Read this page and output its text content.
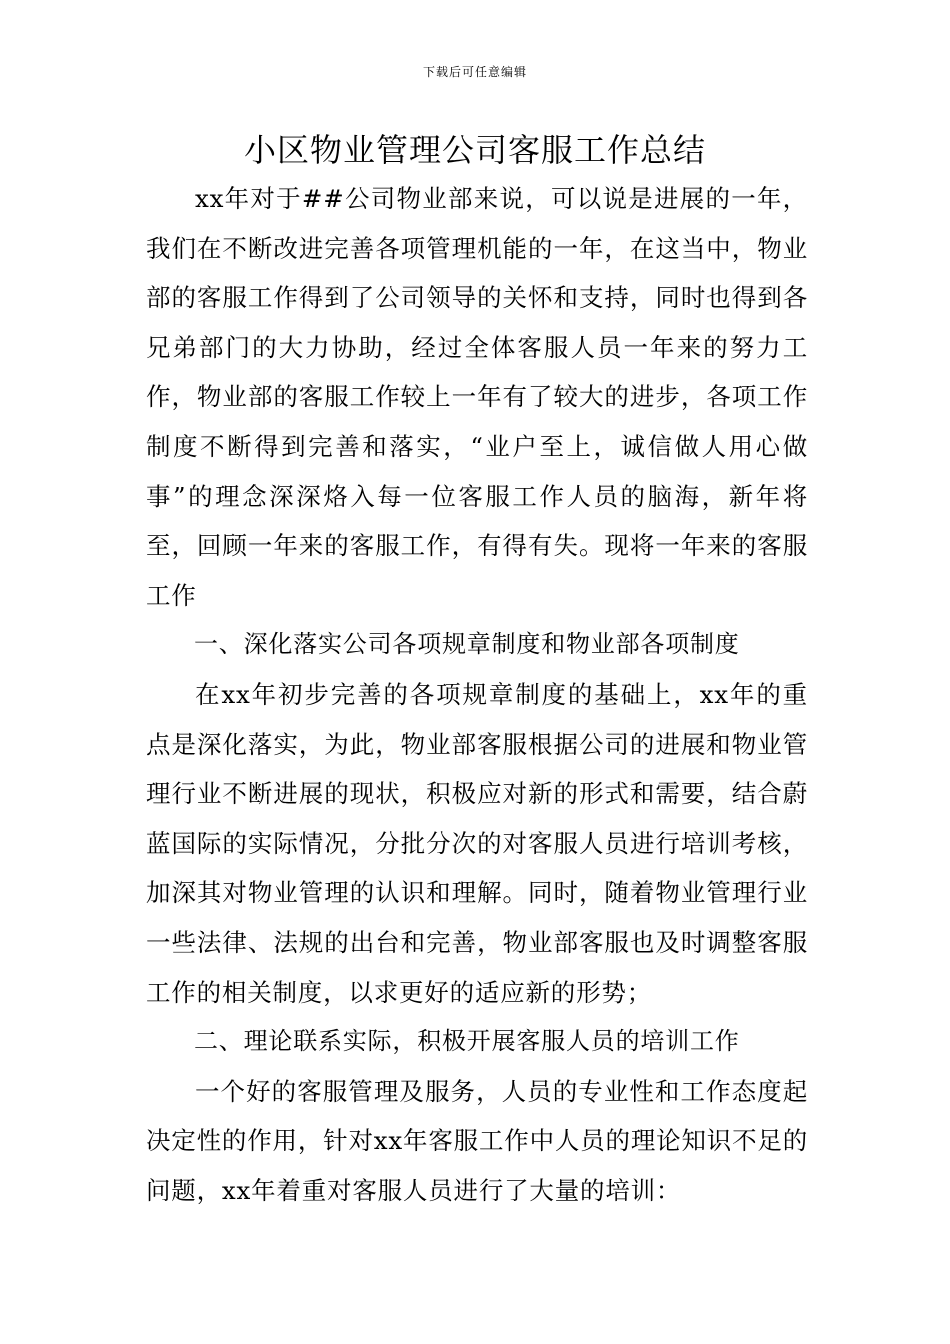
下载后可任意编辑
小区物业管理公司客服工作总结

xx年对于##公司物业部来说，可以说是进展的一年，我们在不断改进完善各项管理机能的一年，在这当中，物业部的客服工作得到了公司领导的关怀和支持，同时也得到各兄弟部门的大力协助，经过全体客服人员一年来的努力工作，物业部的客服工作较上一年有了较大的进步，各项工作制度不断得到完善和落实，“业户至上，诚信做人用心做事”的理念深深烙入每一位客服工作人员的脑海，新年将至，回顾一年来的客服工作，有得有失。现将一年来的客服工作

一、深化落实公司各项规章制度和物业部各项制度

在xx年初步完善的各项规章制度的基础上，xx年的重点是深化落实，为此，物业部客服根据公司的进展和物业管理行业不断进展的现状，积极应对新的形式和需要，结合蔚蓝国际的实际情况，分批分次的对客服人员进行培训考核，加深其对物业管理的认识和理解。同时，随着物业管理行业一些法律、法规的出台和完善，物业部客服也及时调整客服工作的相关制度，以求更好的适应新的形势；

二、理论联系实际，积极开展客服人员的培训工作

一个好的客服管理及服务，人员的专业性和工作态度起决定性的作用，针对xx年客服工作中人员的理论知识不足的问题，xx年着重对客服人员进行了大量的培训：
